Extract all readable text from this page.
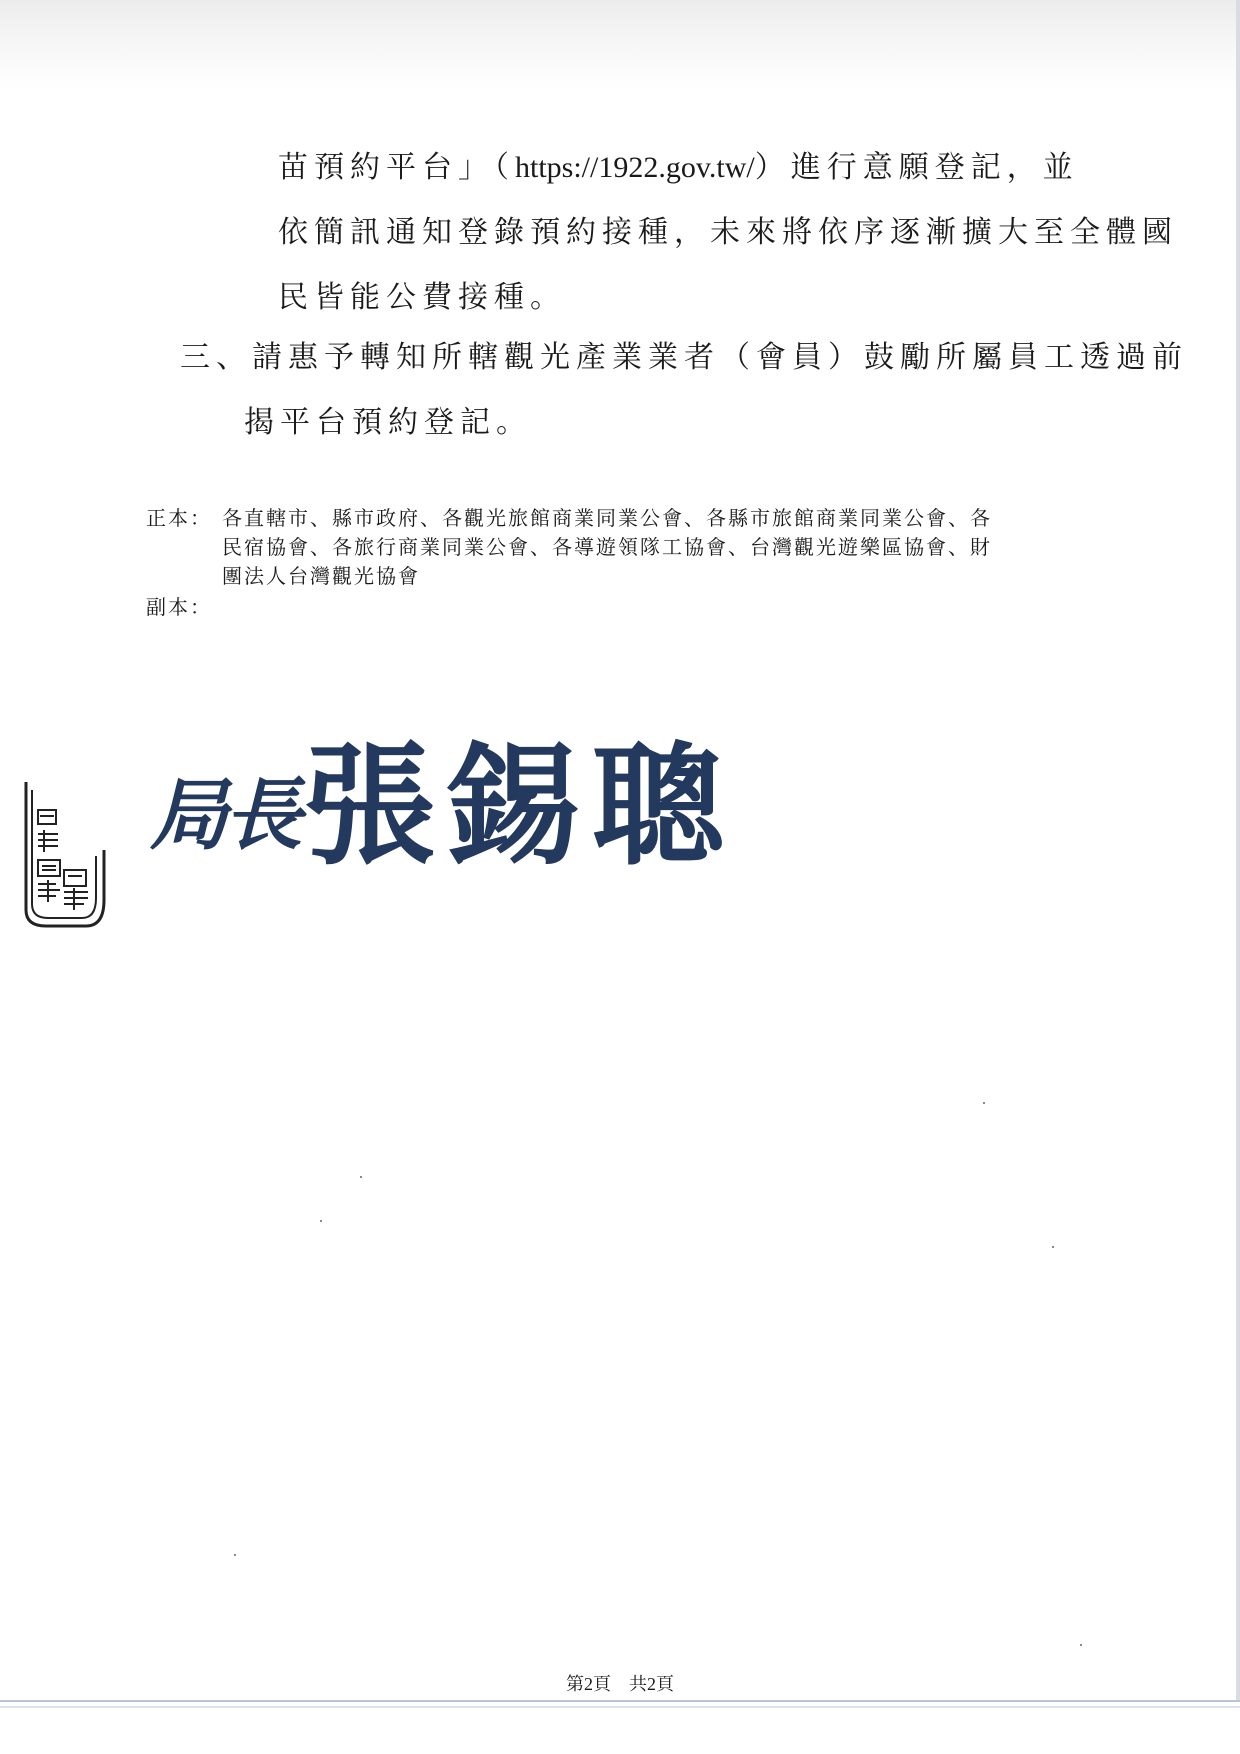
苗預約平台」（https://1922.gov.tw/）進行意願登記，並
依簡訊通知登錄預約接種，未來將依序逐漸擴大至全體國
民皆能公費接種。
三、請惠予轉知所轄觀光產業業者（會員）鼓勵所屬員工透過前
揭平台預約登記。
正本： 各直轄市、縣市政府、各觀光旅館商業同業公會、各縣市旅館商業同業公會、各
民宿協會、各旅行商業同業公會、各導遊領隊工協會、台灣觀光遊樂區協會、財
團法人台灣觀光協會
副本：
局長 張錫聰
第2頁 共2頁
